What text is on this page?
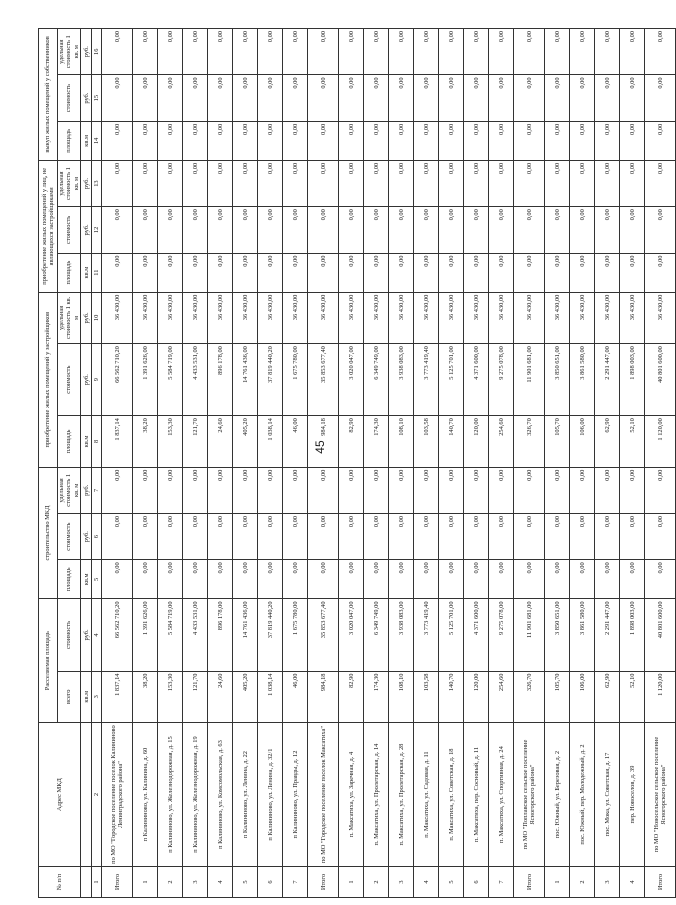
45
№ п/п	Адрес МКД	Расселяемая площадь		строительство МКД			приобретение жилых помещений у застройщиков			приобретение жилых помещений у лиц, не являющихся застройщиками			выкуп жилых помещений у собственников		
		всего	стоимость	площадь	стоимость	удельная стоимость 1 кв. м	площадь	стоимость	удельная стоимость 1 кв. м	площадь	стоимость	удельная стоимость 1 кв. м	площадь	стоимость	удельная стоимость 1 кв. м
		кв.м	руб.	кв.м	руб.	руб.	кв.м	руб.	руб.	кв.м	руб.	руб.	кв.м	руб.	руб.
1	2	3	4	5	6	7	8	9	10	11	12	13	14	15	16
Итого	по МО "Городское поселение поселок Калининово Ленинградского района"	1 837,14	66 562 710,20	0,00	0,00	0,00	1 837,14	66 562 710,20	36 430,00	0,00	0,00	0,00	0,00	0,00	0,00
1	п Калининово, ул. Калинина, д. 60	38,20	1 391 626,00	0,00	0,00	0,00	38,20	1 391 626,00	36 430,00	0,00	0,00	0,00	0,00	0,00	0,00
2	п Калининово, ул. Железнодорожная, д. 15	153,30	5 584 719,00	0,00	0,00	0,00	153,30	5 584 719,00	36 430,00	0,00	0,00	0,00	0,00	0,00	0,00
3	п Калининово, ул. Железнодорожная, д. 19	121,70	4 433 531,00	0,00	0,00	0,00	121,70	4 433 531,00	36 430,00	0,00	0,00	0,00	0,00	0,00	0,00
4	п Калининово, ул. Комсомольская, д. 63	24,60	896 178,00	0,00	0,00	0,00	24,60	896 178,00	36 430,00	0,00	0,00	0,00	0,00	0,00	0,00
5	п Калининово, ул. Ленина, д. 22	405,20	14 761 436,00	0,00	0,00	0,00	405,20	14 761 436,00	36 430,00	0,00	0,00	0,00	0,00	0,00	0,00
6	п Калининово, ул. Ленина, д. 32/1	1 038,14	37 819 440,20	0,00	0,00	0,00	1 038,14	37 819 440,20	36 430,00	0,00	0,00	0,00	0,00	0,00	0,00
7	п Калининово, ул. Правды, д. 12	46,00	1 675 780,00	0,00	0,00	0,00	46,00	1 675 780,00	36 430,00	0,00	0,00	0,00	0,00	0,00	0,00
Итого	по МО "Городское поселение поселок Максатиха"	984,18	35 853 677,40	0,00	0,00	0,00	984,18	35 853 677,40	36 430,00	0,00	0,00	0,00	0,00	0,00	0,00
1	п. Максатиха, ул. Заречная, д. 4	82,90	3 020 047,00	0,00	0,00	0,00	82,90	3 020 047,00	36 430,00	0,00	0,00	0,00	0,00	0,00	0,00
2	п. Максатиха, ул. Пролетарская, д. 14	174,30	6 349 749,00	0,00	0,00	0,00	174,30	6 349 749,00	36 430,00	0,00	0,00	0,00	0,00	0,00	0,00
3	п. Максатиха, ул. Пролетарская, д. 28	108,10	3 938 083,00	0,00	0,00	0,00	108,10	3 938 083,00	36 430,00	0,00	0,00	0,00	0,00	0,00	0,00
4	п. Максатиха, ул. Садовая, д. 11	103,58	3 773 419,40	0,00	0,00	0,00	103,58	3 773 419,40	36 430,00	0,00	0,00	0,00	0,00	0,00	0,00
5	п. Максатиха, ул. Советская, д. 18	140,70	5 125 701,00	0,00	0,00	0,00	140,70	5 125 701,00	36 430,00	0,00	0,00	0,00	0,00	0,00	0,00
6	п. Максатиха, пер. Сосновый, д. 11	120,00	4 371 600,00	0,00	0,00	0,00	120,00	4 371 600,00	36 430,00	0,00	0,00	0,00	0,00	0,00	0,00
7	п. Максатиха, ул. Спортивная, д. 24	254,60	9 275 078,00	0,00	0,00	0,00	254,60	9 275 078,00	36 430,00	0,00	0,00	0,00	0,00	0,00	0,00
Итого	по МО "Поплавское сельское поселение Ясногорского района"	326,70	11 901 681,00	0,00	0,00	0,00	326,70	11 901 681,00	36 430,00	0,00	0,00	0,00	0,00	0,00	0,00
1	пос. Южный, ул. Березовая, д. 2	105,70	3 850 651,00	0,00	0,00	0,00	105,70	3 850 651,00	36 430,00	0,00	0,00	0,00	0,00	0,00	0,00
2	пос. Южный, пер. Молодежный, д. 2	106,00	3 861 580,00	0,00	0,00	0,00	106,00	3 861 580,00	36 430,00	0,00	0,00	0,00	0,00	0,00	0,00
3	пос. Мока, ул. Советская, д. 17	62,90	2 291 447,00	0,00	0,00	0,00	62,90	2 291 447,00	36 430,00	0,00	0,00	0,00	0,00	0,00	0,00
4	пер. Новоселов, д. 39	52,10	1 898 003,00	0,00	0,00	0,00	52,10	1 898 003,00	36 430,00	0,00	0,00	0,00	0,00	0,00	0,00
Итого	по МО "Новосельское сельское поселение Ясногорского района"	1 120,00	40 801 600,00	0,00	0,00	0,00	1 120,00	40 801 600,00	36 430,00	0,00	0,00	0,00	0,00	0,00	0,00
